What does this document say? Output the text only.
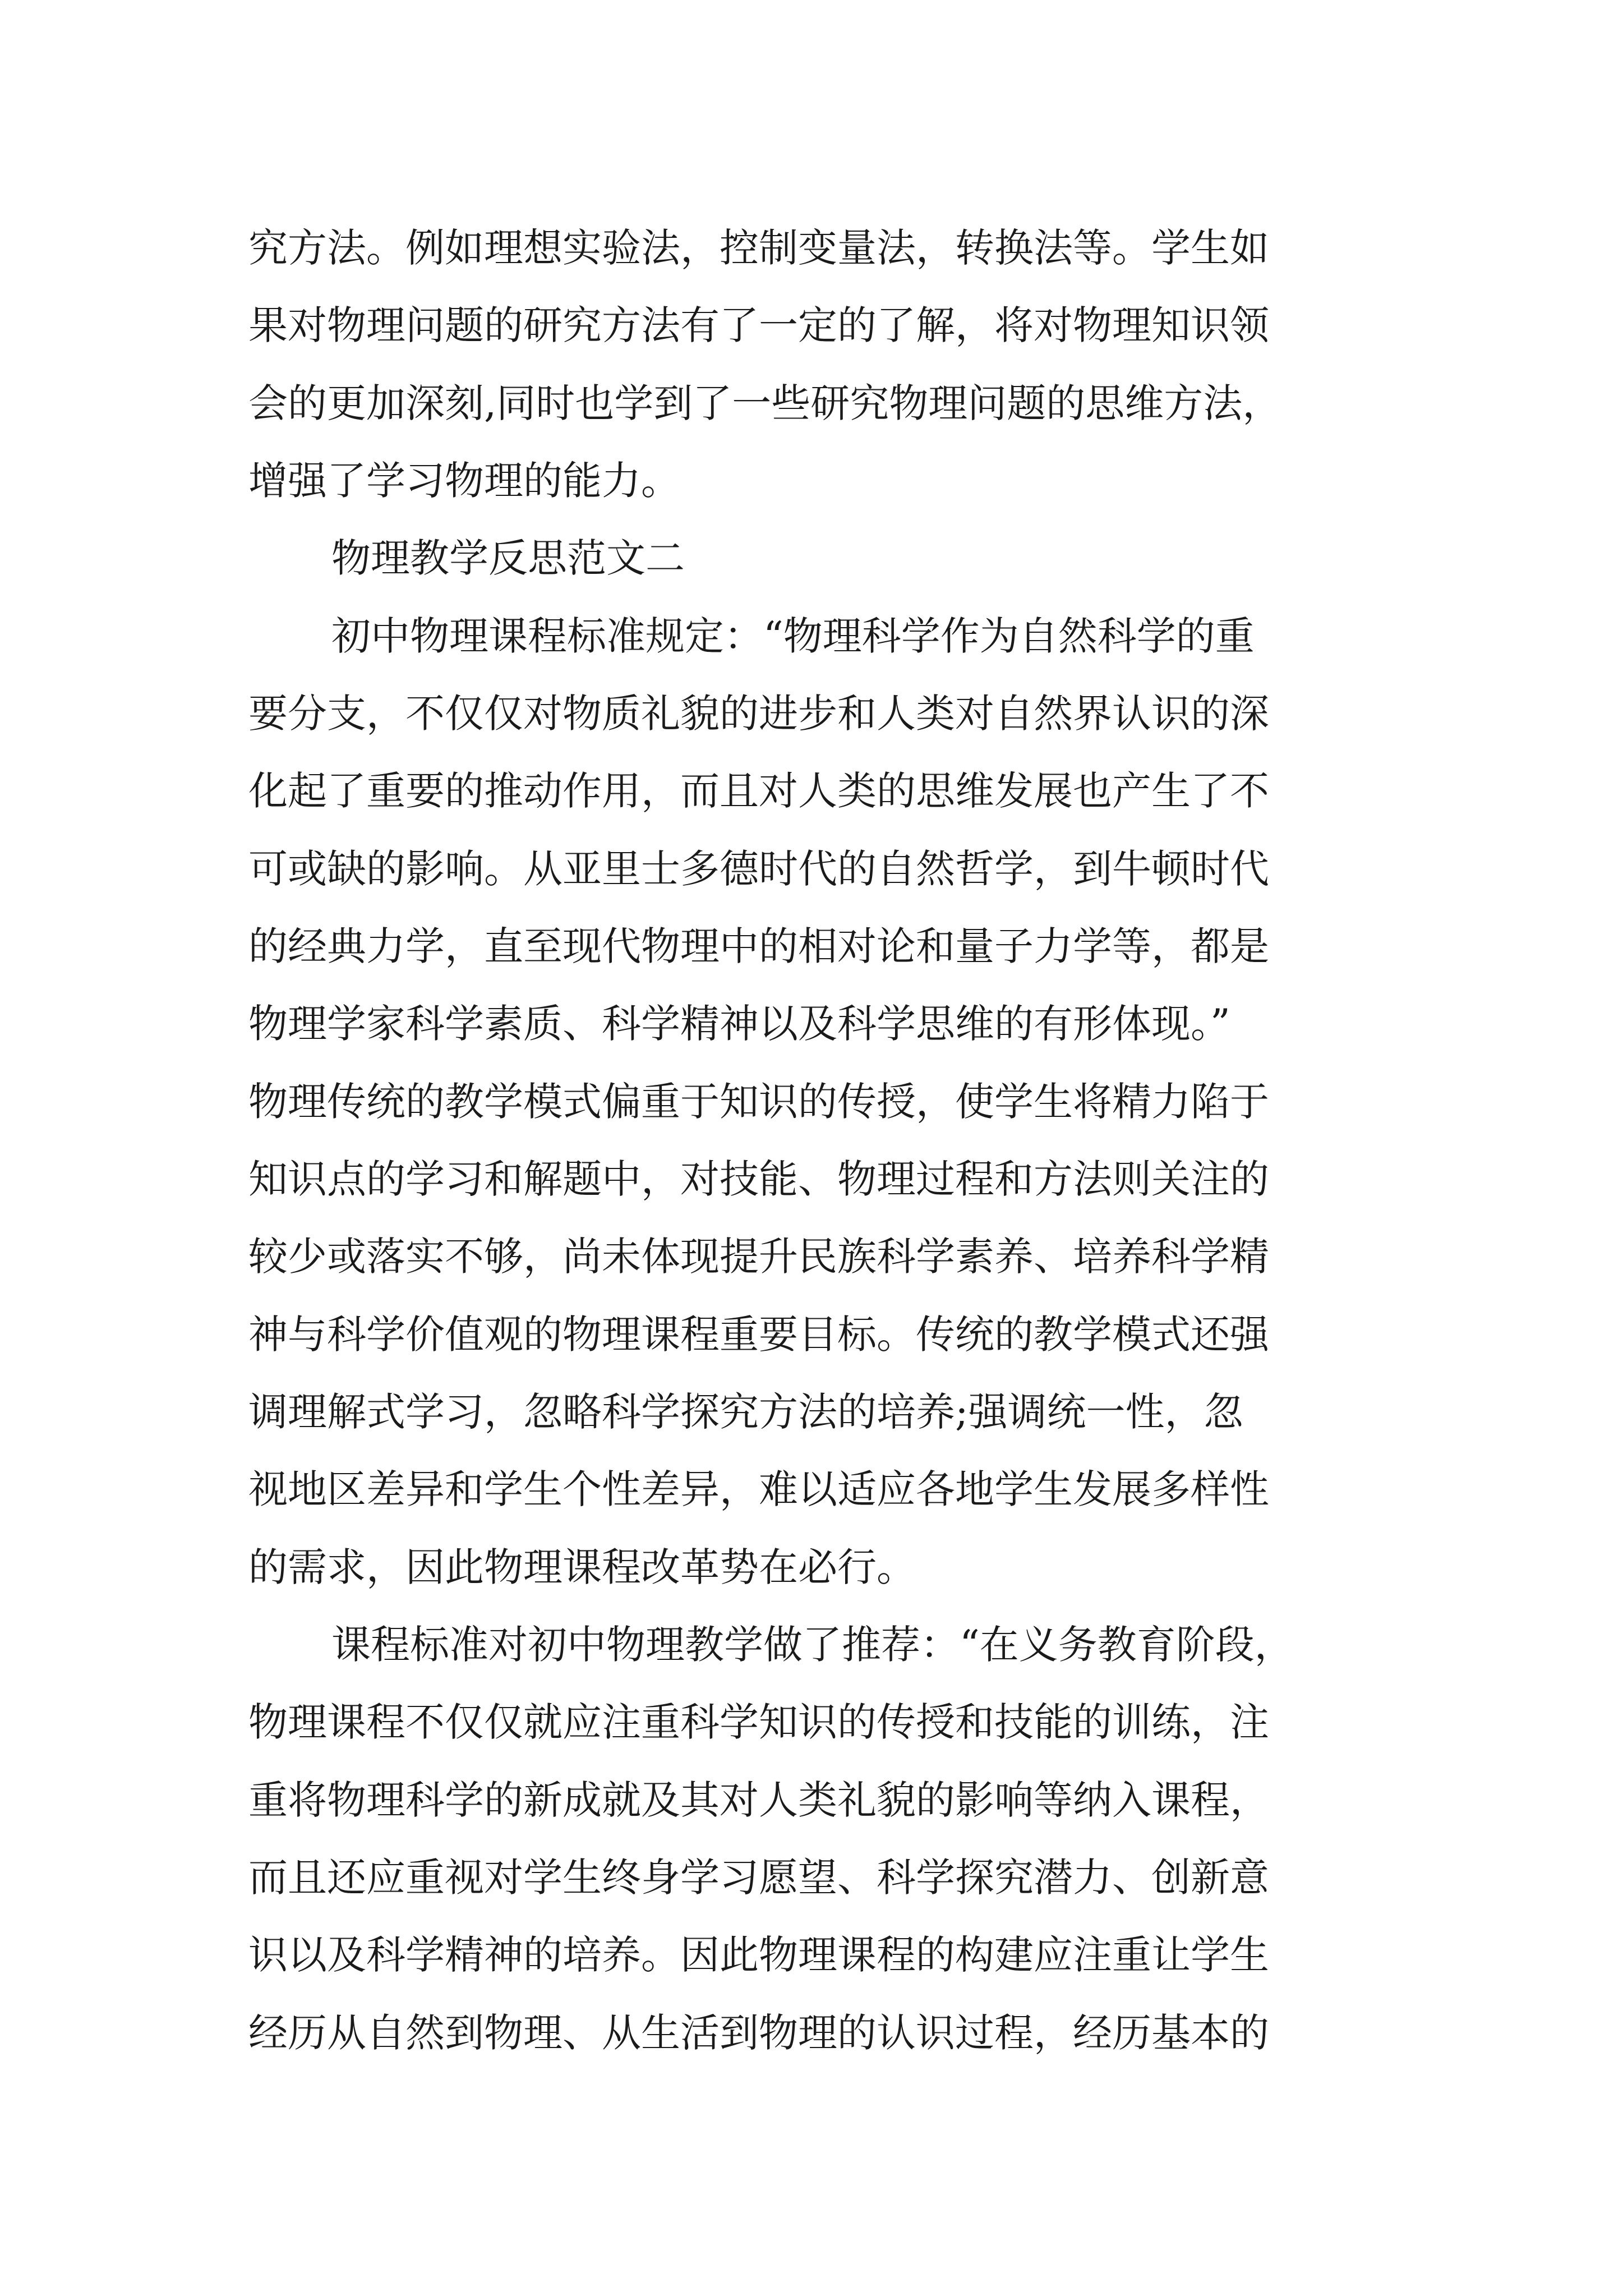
究方法。例如理想实验法，控制变量法，转换法等。学生如

果对物理问题的研究方法有了一定的了解，将对物理知识领

会的更加深刻,同时也学到了一些研究物理问题的思维方法，

增强了学习物理的能力。

物理教学反思范文二

初中物理课程标准规定：“物理科学作为自然科学的重

要分支，不仅仅对物质礼貌的进步和人类对自然界认识的深

化起了重要的推动作用，而且对人类的思维发展也产生了不

可或缺的影响。从亚里士多德时代的自然哲学，到牛顿时代

的经典力学，直至现代物理中的相对论和量子力学等，都是

物理学家科学素质、科学精神以及科学思维的有形体现。”

物理传统的教学模式偏重于知识的传授，使学生将精力陷于

知识点的学习和解题中，对技能、物理过程和方法则关注的

较少或落实不够，尚未体现提升民族科学素养、培养科学精

神与科学价值观的物理课程重要目标。传统的教学模式还强

调理解式学习，忽略科学探究方法的培养;强调统一性，忽

视地区差异和学生个性差异，难以适应各地学生发展多样性

的需求，因此物理课程改革势在必行。

课程标准对初中物理教学做了推荐：“在义务教育阶段，

物理课程不仅仅就应注重科学知识的传授和技能的训练，注

重将物理科学的新成就及其对人类礼貌的影响等纳入课程，

而且还应重视对学生终身学习愿望、科学探究潜力、创新意

识以及科学精神的培养。因此物理课程的构建应注重让学生

经历从自然到物理、从生活到物理的认识过程，经历基本的
